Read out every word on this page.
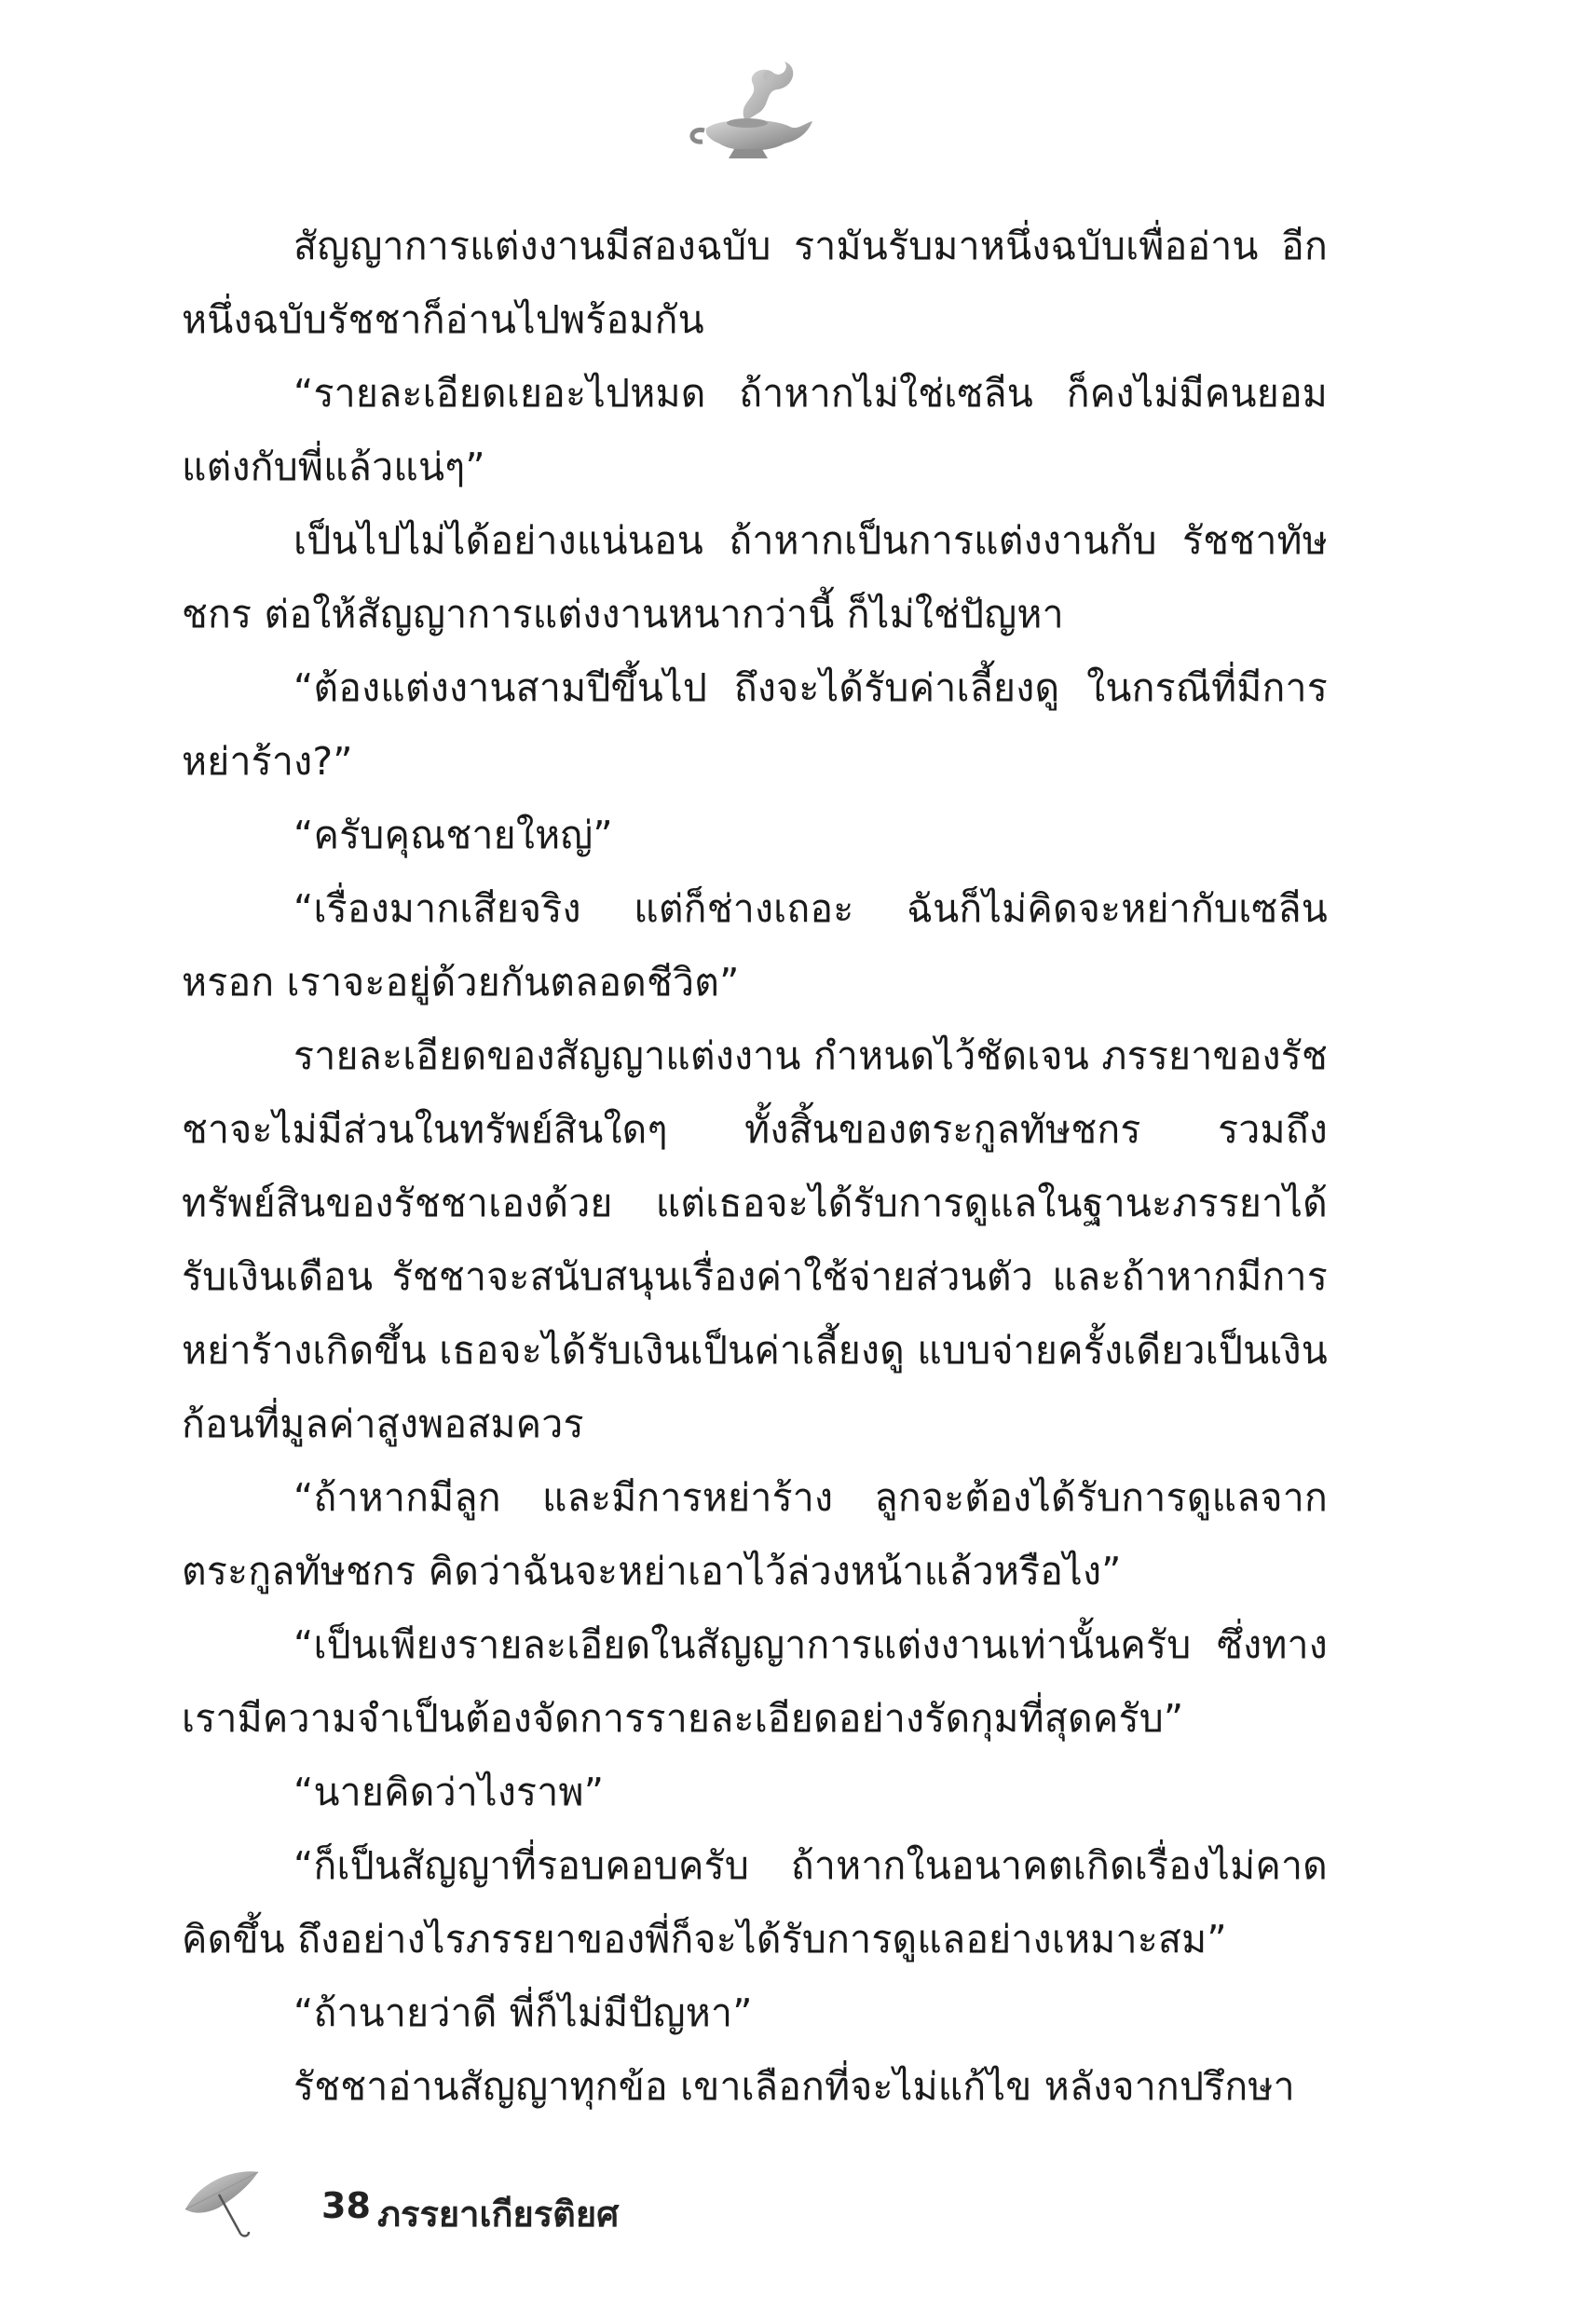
สัญญาการแต่งงานมีสองฉบับ รามันรับมาหนึ่งฉบับเพื่ออ่าน อีกหนึ่งฉบับรัชชาก็อ่านไปพร้อมกัน

“รายละเอียดเยอะไปหมด ถ้าหากไม่ใช่เซลีน ก็คงไม่มีคนยอมแต่งกับพี่แล้วแน่ๆ”

เป็นไปไม่ได้อย่างแน่นอน ถ้าหากเป็นการแต่งงานกับ รัชชาทัษชกร ต่อให้สัญญาการแต่งงานหนากว่านี้ ก็ไม่ใช่ปัญหา

“ต้องแต่งงานสามปีขึ้นไป ถึงจะได้รับค่าเลี้ยงดู ในกรณีที่มีการหย่าร้าง?”

“ครับคุณชายใหญ่”

“เรื่องมากเสียจริง แต่ก็ช่างเถอะ ฉันก็ไม่คิดจะหย่ากับเซลีนหรอก เราจะอยู่ด้วยกันตลอดชีวิต”

รายละเอียดของสัญญาแต่งงาน กำหนดไว้ชัดเจน ภรรยาของรัชชาจะไม่มีส่วนในทรัพย์สินใดๆ ทั้งสิ้นของตระกูลทัษชกร รวมถึงทรัพย์สินของรัชชาเองด้วย แต่เธอจะได้รับการดูแลในฐานะภรรยาได้รับเงินเดือน รัชชาจะสนับสนุนเรื่องค่าใช้จ่ายส่วนตัว และถ้าหากมีการหย่าร้างเกิดขึ้น เธอจะได้รับเงินเป็นค่าเลี้ยงดู แบบจ่ายครั้งเดียวเป็นเงินก้อนที่มูลค่าสูงพอสมควร

“ถ้าหากมีลูก และมีการหย่าร้าง ลูกจะต้องได้รับการดูแลจากตระกูลทัษชกร คิดว่าฉันจะหย่าเอาไว้ล่วงหน้าแล้วหรือไง”

“เป็นเพียงรายละเอียดในสัญญาการแต่งงานเท่านั้นครับ ซึ่งทางเรามีความจำเป็นต้องจัดการรายละเอียดอย่างรัดกุมที่สุดครับ”

“นายคิดว่าไงราพ”

“ก็เป็นสัญญาที่รอบคอบครับ ถ้าหากในอนาคตเกิดเรื่องไม่คาดคิดขึ้น ถึงอย่างไรภรรยาของพี่ก็จะได้รับการดูแลอย่างเหมาะสม”

“ถ้านายว่าดี พี่ก็ไม่มีปัญหา”

รัชชาอ่านสัญญาทุกข้อ เขาเลือกที่จะไม่แก้ไข หลังจากปรึกษา

38 ภรรยาเกียรติยศ
